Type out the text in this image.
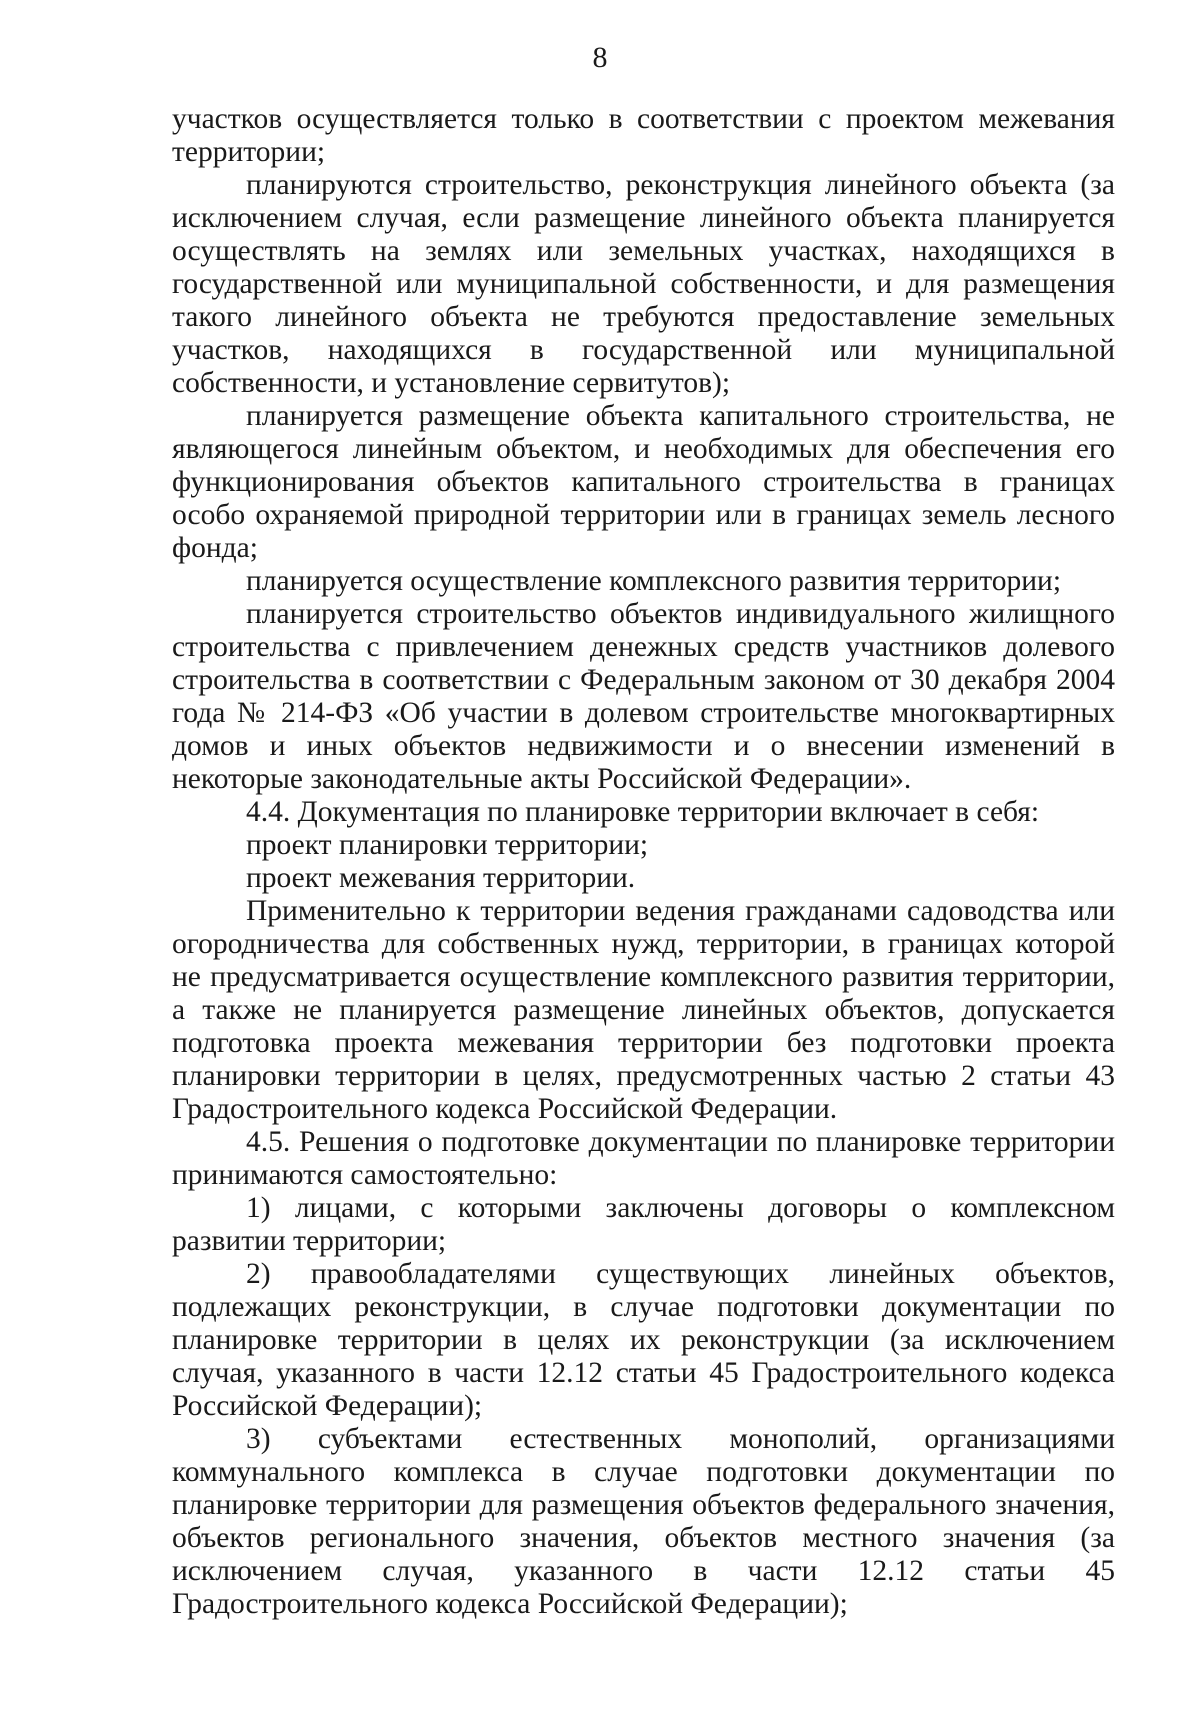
8

участков осуществляется только в соответствии с проектом межевания территории;

планируются строительство, реконструкция линейного объекта (за исключением случая, если размещение линейного объекта планируется осуществлять на землях или земельных участках, находящихся в государственной или муниципальной собственности, и для размещения такого линейного объекта не требуются предоставление земельных участков, находящихся в государственной или муниципальной собственности, и установление сервитутов);

планируется размещение объекта капитального строительства, не являющегося линейным объектом, и необходимых для обеспечения его функционирования объектов капитального строительства в границах особо охраняемой природной территории или в границах земель лесного фонда;

планируется осуществление комплексного развития территории;

планируется строительство объектов индивидуального жилищного строительства с привлечением денежных средств участников долевого строительства в соответствии с Федеральным законом от 30 декабря 2004 года № 214-ФЗ «Об участии в долевом строительстве многоквартирных домов и иных объектов недвижимости и о внесении изменений в некоторые законодательные акты Российской Федерации».

4.4. Документация по планировке территории включает в себя:

проект планировки территории;

проект межевания территории.

Применительно к территории ведения гражданами садоводства или огородничества для собственных нужд, территории, в границах которой не предусматривается осуществление комплексного развития территории, а также не планируется размещение линейных объектов, допускается подготовка проекта межевания территории без подготовки проекта планировки территории в целях, предусмотренных частью 2 статьи 43 Градостроительного кодекса Российской Федерации.

4.5. Решения о подготовке документации по планировке территории принимаются самостоятельно:

1) лицами, с которыми заключены договоры о комплексном развитии территории;

2) правообладателями существующих линейных объектов, подлежащих реконструкции, в случае подготовки документации по планировке территории в целях их реконструкции (за исключением случая, указанного в части 12.12 статьи 45 Градостроительного кодекса Российской Федерации);

3) субъектами естественных монополий, организациями коммунального комплекса в случае подготовки документации по планировке территории для размещения объектов федерального значения, объектов регионального значения, объектов местного значения (за исключением случая, указанного в части 12.12 статьи 45 Градостроительного кодекса Российской Федерации);
